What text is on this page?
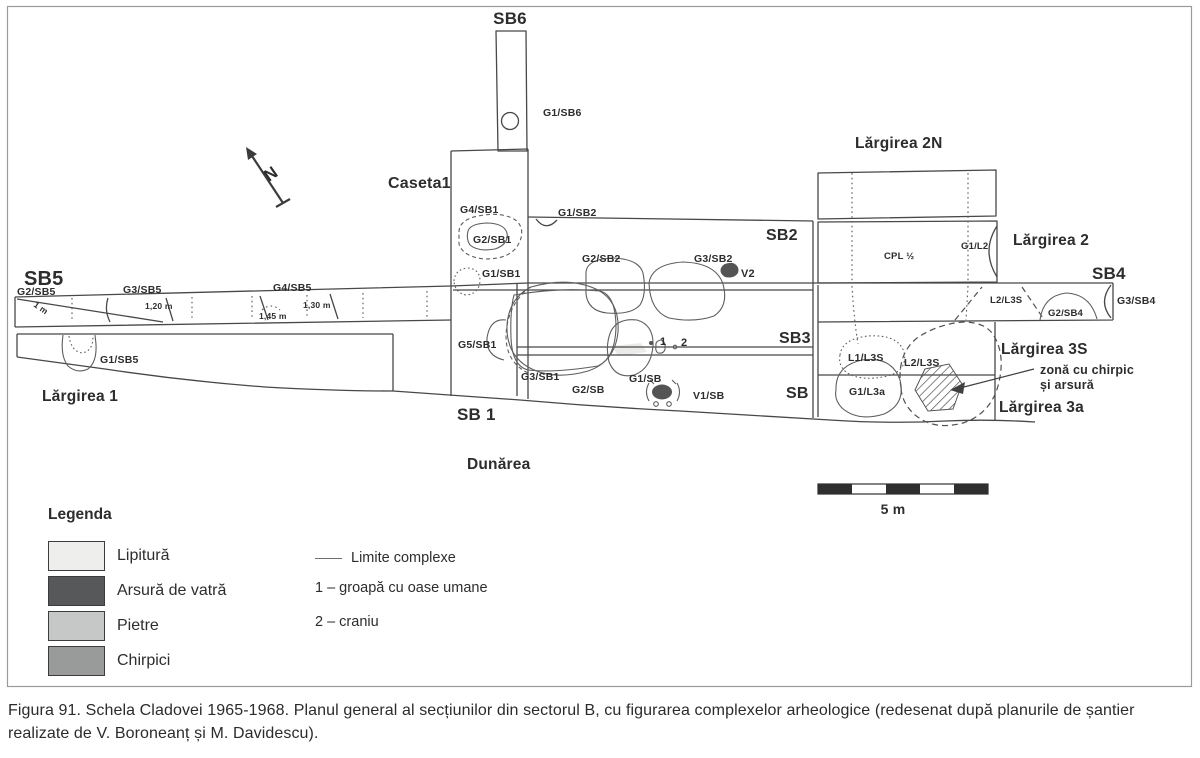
N
5 m
SB6
Caseta1
SB5	SB4
SB2
SB3
SB
SB 1
Lărgirea 2N
Lărgirea 2
Lărgirea 1
Lărgirea 3S
Lărgirea 3a
Dunărea
G1/SB6
G4/SB1
G2/SB1
G1/SB1
G1/SB2
G2/SB2	G3/SB2
V2
G5/SB1
G3/SB1
G2/SB
G1/SB
V1/SB
1 2
G2/SB5	G3/SB5	G4/SB5
G1/SB5
CPL ½
G1/L2
L2/L3S
G2/SB4
G3/SB4
L1/L3S L2/L3S
G1/L3a
1 m	1,20 m
1,45 m
1,30 m
zonă cu chirpic
și arsură
Legenda
Lipitură
Arsură de vatră
Pietre
Chirpici
Limite complexe
1 – groapă cu oase umane
2 – craniu

Figura 91. Schela Cladovei 1965-1968. Planul general al secțiunilor din sectorul B, cu figurarea complexelor arheologice (redesenat după planurile de șantier realizate de V. Boroneanț și M. Davidescu).
